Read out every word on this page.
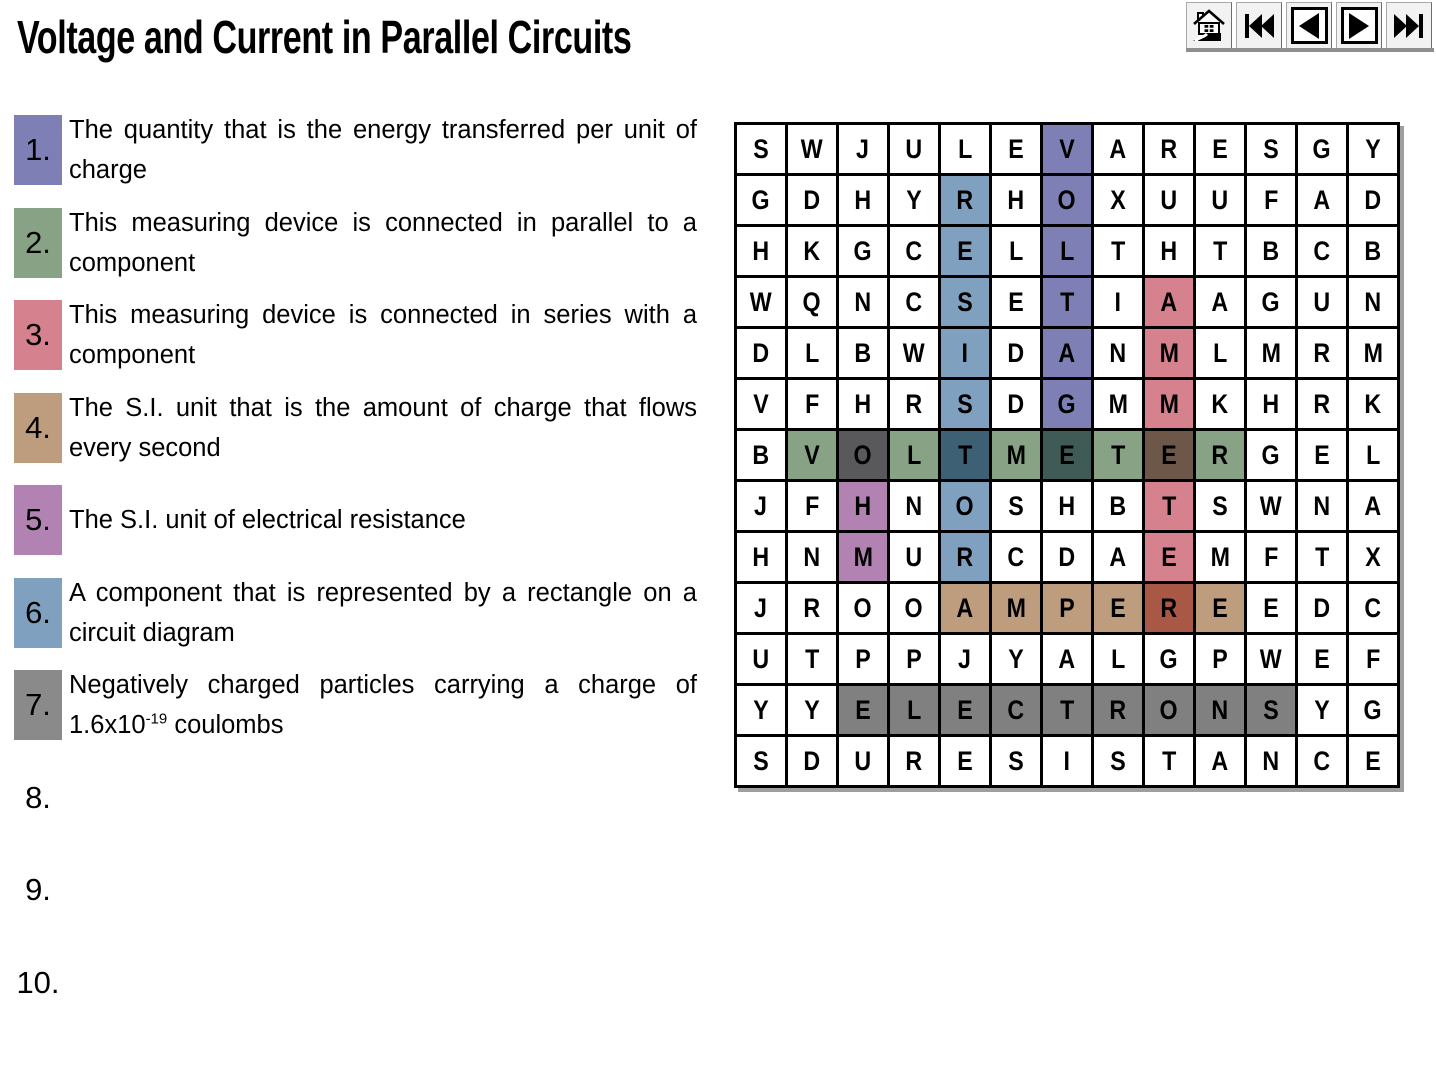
Voltage and Current in Parallel Circuits
1.
The quantity that is the energy transferred per unit of charge
2.
This measuring device is connected in parallel to a component
3.
This measuring device is connected in series with a component
4.
The S.I. unit that is the amount of charge that flows every second
5. The S.I. unit of electrical resistance
6.
A component that is represented by a rectangle on a circuit diagram
7.
Negatively charged particles carrying a charge of $1.6x10^{-19}$ coulombs
8.
9.
10.
S	W	J	U	L	E	V	A	R	E	S	G	Y
G	D	H	Y	R	H	O	X	U	U	F	A	D
H	K	G	C	E	L	L	T	H	T	B	C	B
W	Q	N	C	S	E	T	I	A	A	G	U	N
D	L	B	W	I	D	A	N	M	L	M	R	M
V	F	H	R	S	D	G	M	M	K	H	R	K
B	V	O	L	T	M	E	T	E	R	G	E	L
J	F	H	N	O	S	H	B	T	S	W	N	A
H	N	M	U	R	C	D	A	E	M	F	T	X
J	R	O	O	A	M	P	E	R	E	E	D	C
U	T	P	P	J	Y	A	L	G	P	W	E	F
Y	Y	E	L	E	C	T	R	O	N	S	Y	G
S	D	U	R	E	S	I	S	T	A	N	C	E
